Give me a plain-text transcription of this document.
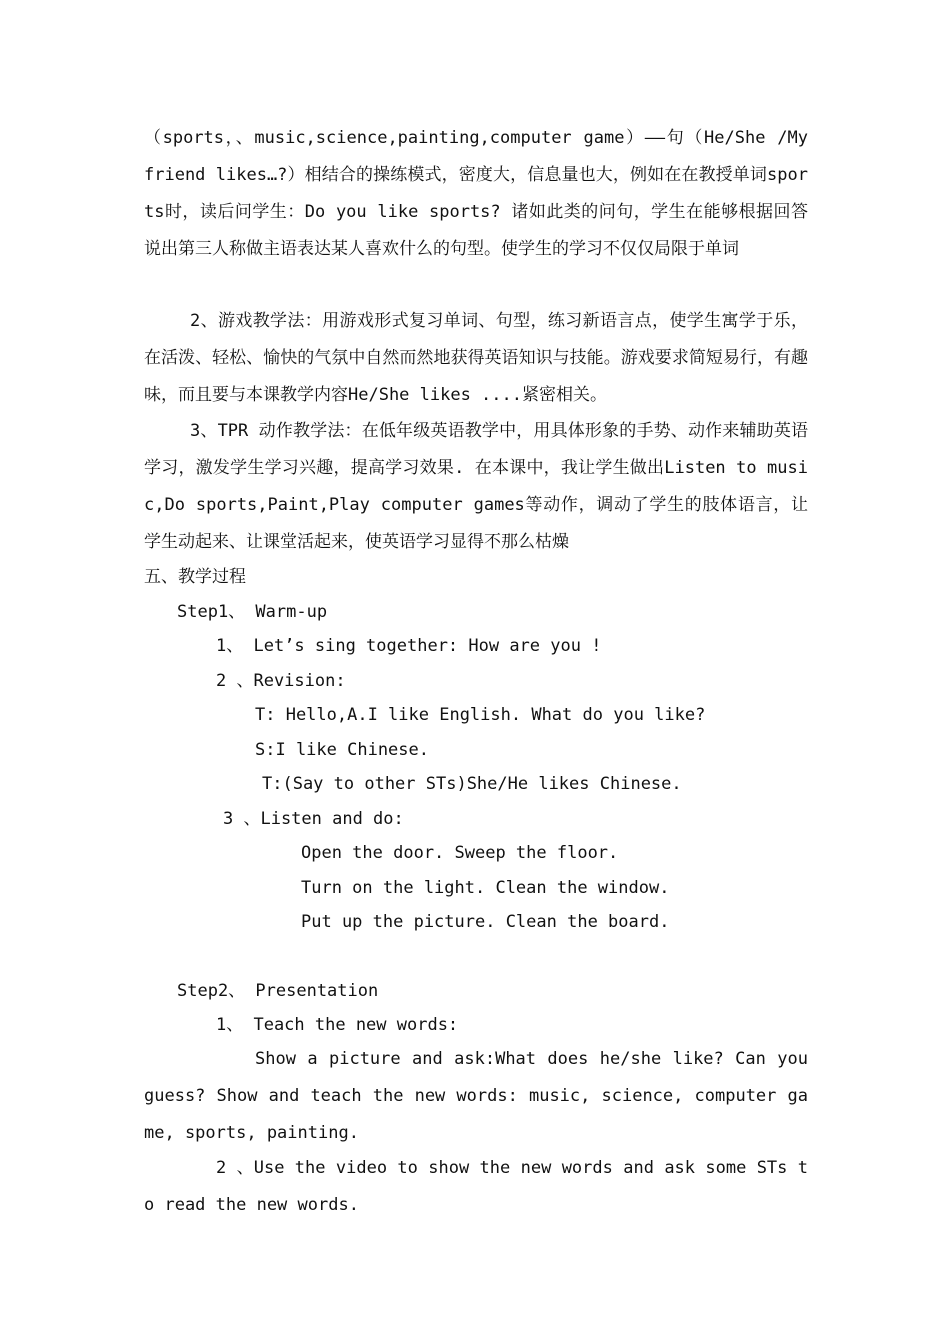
（sports，、music,science,painting,computer game）——句（He/She /My friend likes…?）相结合的操练模式，密度大，信息量也大，例如在在教授单词sports时，读后问学生：Do you like sports? 诸如此类的问句，学生在能够根据回答说出第三人称做主语表达某人喜欢什么的句型。使学生的学习不仅仅局限于单词
2、游戏教学法：用游戏形式复习单词、句型，练习新语言点，使学生寓学于乐，在活泼、轻松、愉快的气氛中自然而然地获得英语知识与技能。游戏要求简短易行，有趣味，而且要与本课教学内容He/She likes ....紧密相关。
3、TPR 动作教学法：在低年级英语教学中，用具体形象的手势、动作来辅助英语学习，激发学生学习兴趣，提高学习效果. 在本课中，我让学生做出Listen to music,Do sports,Paint,Play computer games等动作，调动了学生的肢体语言，让学生动起来、让课堂活起来，使英语学习显得不那么枯燥
五、教学过程
Step1、 Warm-up
1、 Let’s sing together: How are you !
2 、Revision:
T: Hello,A.I like English. What do you like?
S:I like Chinese.
T:(Say to other STs)She/He likes Chinese.
3 、Listen and do:
Open the door. Sweep the floor.
Turn on the light. Clean the window.
Put up the picture. Clean the board.
Step2、 Presentation
1、 Teach the new words:
Show a picture and ask:What does he/she like? Can you guess? Show and teach the new words: music, science, computer game, sports, painting.
2 、Use the video to show the new words and ask some STs to read the new words.
